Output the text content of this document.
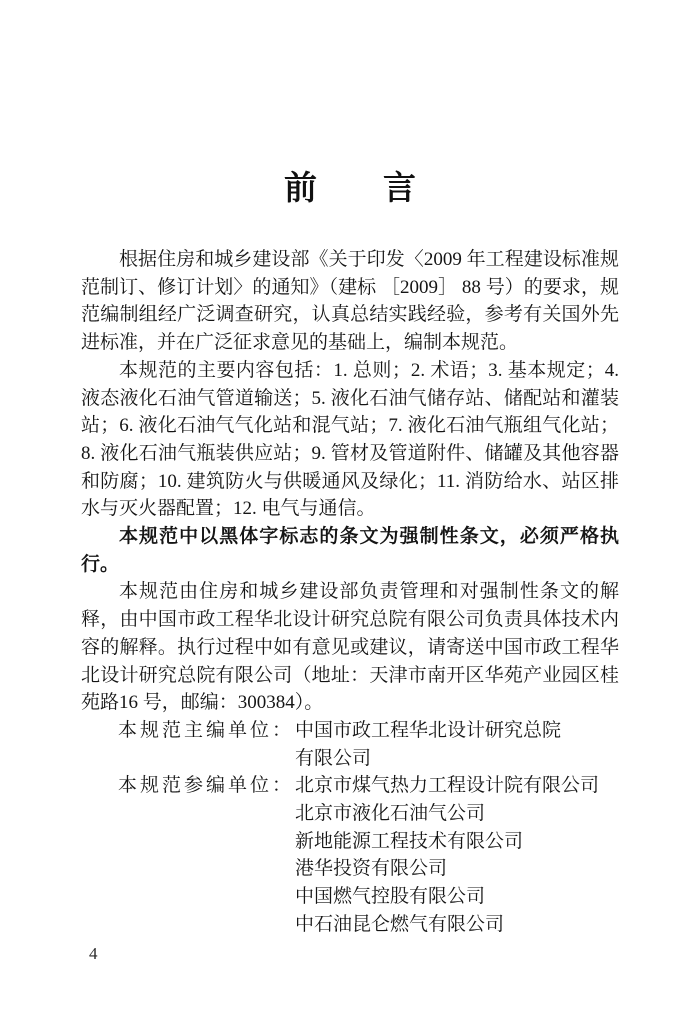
前　　言

根据住房和城乡建设部《关于印发〈2009 年工程建设标准规范制订、修订计划〉的通知》（建标 ［2009］ 88 号）的要求，规范编制组经广泛调查研究，认真总结实践经验，参考有关国外先进标准，并在广泛征求意见的基础上，编制本规范。

本规范的主要内容包括：1. 总则；2. 术语；3. 基本规定；4. 液态液化石油气管道输送；5. 液化石油气储存站、储配站和灌装站；6. 液化石油气气化站和混气站；7. 液化石油气瓶组气化站；8. 液化石油气瓶装供应站；9. 管材及管道附件、储罐及其他容器和防腐；10. 建筑防火与供暖通风及绿化；11. 消防给水、站区排水与灭火器配置；12. 电气与通信。

本规范中以黑体字标志的条文为强制性条文，必须严格执行。

本规范由住房和城乡建设部负责管理和对强制性条文的解释，由中国市政工程华北设计研究总院有限公司负责具体技术内容的解释。执行过程中如有意见或建议，请寄送中国市政工程华北设计研究总院有限公司（地址：天津市南开区华苑产业园区桂苑路16 号，邮编：300384）。

本规范主编单位： 中国市政工程华北设计研究总院
有限公司
本规范参编单位： 北京市煤气热力工程设计院有限公司
北京市液化石油气公司
新地能源工程技术有限公司
港华投资有限公司
中国燃气控股有限公司
中石油昆仑燃气有限公司
4
